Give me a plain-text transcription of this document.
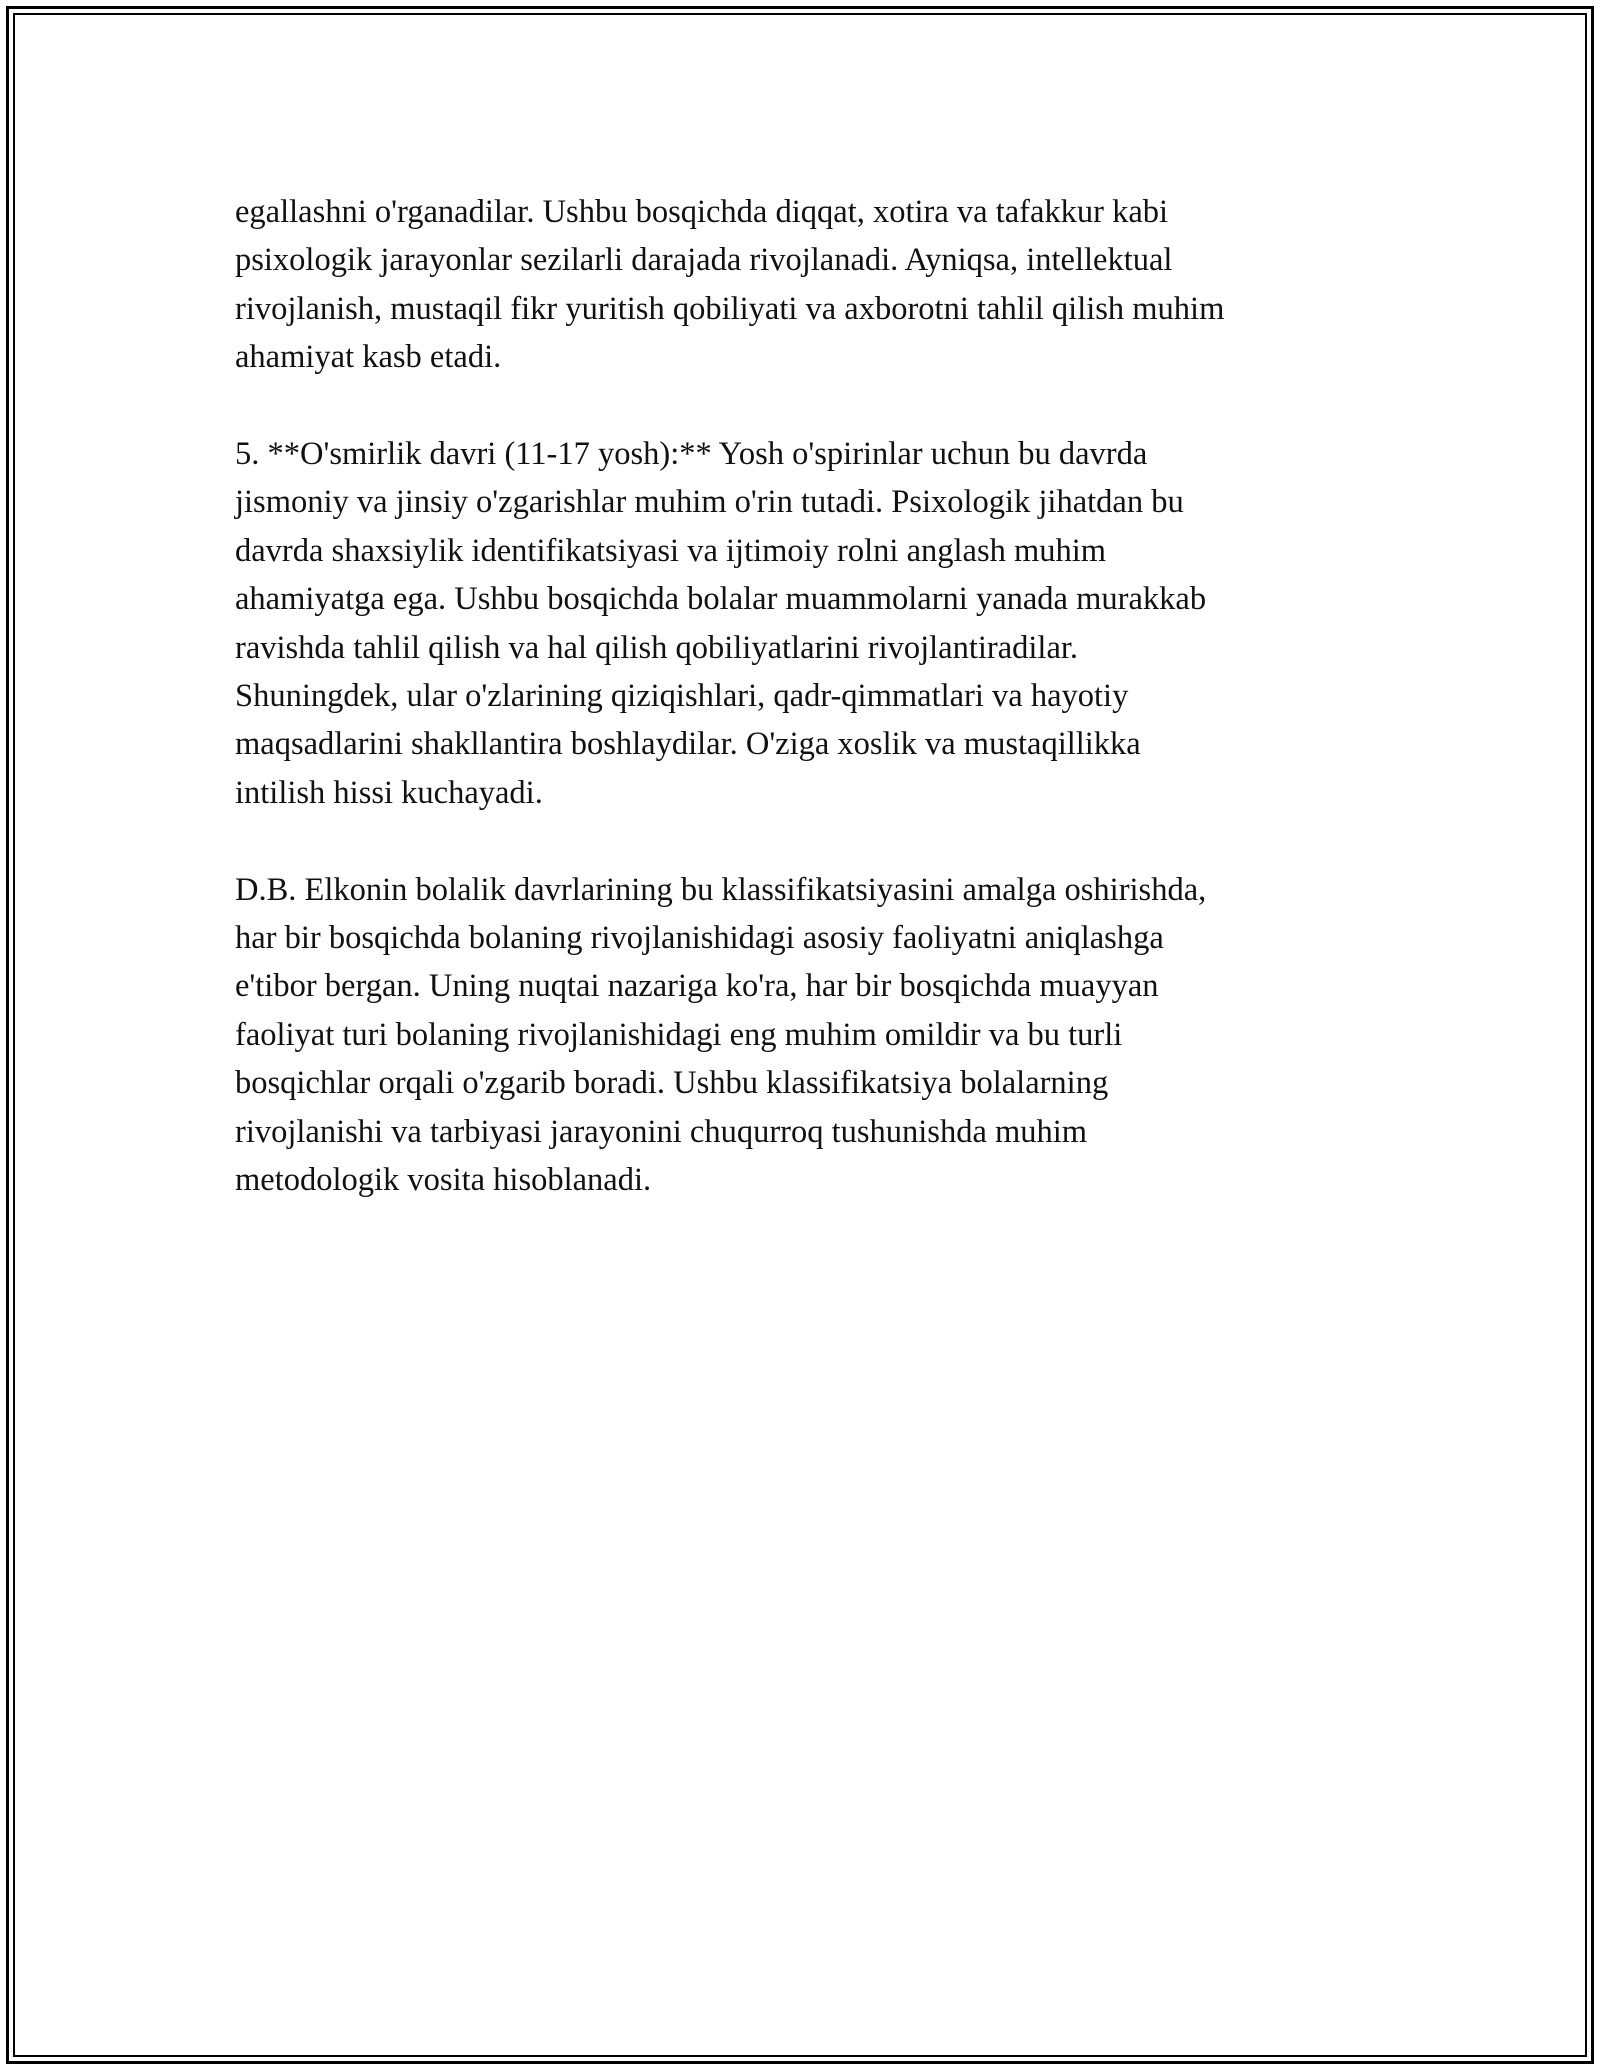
egallashni o'rganadilar. Ushbu bosqichda diqqat, xotira va tafakkur kabi
psixologik jarayonlar sezilarli darajada rivojlanadi. Ayniqsa, intellektual
rivojlanish, mustaqil fikr yuritish qobiliyati va axborotni tahlil qilish muhim
ahamiyat kasb etadi.

5. **O'smirlik davri (11-17 yosh):** Yosh o'spirinlar uchun bu davrda
jismoniy va jinsiy o'zgarishlar muhim o'rin tutadi. Psixologik jihatdan bu
davrda shaxsiylik identifikatsiyasi va ijtimoiy rolni anglash muhim
ahamiyatga ega. Ushbu bosqichda bolalar muammolarni yanada murakkab
ravishda tahlil qilish va hal qilish qobiliyatlarini rivojlantiradilar.
Shuningdek, ular o'zlarining qiziqishlari, qadr-qimmatlari va hayotiy
maqsadlarini shakllantira boshlaydilar. O'ziga xoslik va mustaqillikka
intilish hissi kuchayadi.

D.B. Elkonin bolalik davrlarining bu klassifikatsiyasini amalga oshirishda,
har bir bosqichda bolaning rivojlanishidagi asosiy faoliyatni aniqlashga
e'tibor bergan. Uning nuqtai nazariga ko'ra, har bir bosqichda muayyan
faoliyat turi bolaning rivojlanishidagi eng muhim omildir va bu turli
bosqichlar orqali o'zgarib boradi. Ushbu klassifikatsiya bolalarning
rivojlanishi va tarbiyasi jarayonini chuqurroq tushunishda muhim
metodologik vosita hisoblanadi.
